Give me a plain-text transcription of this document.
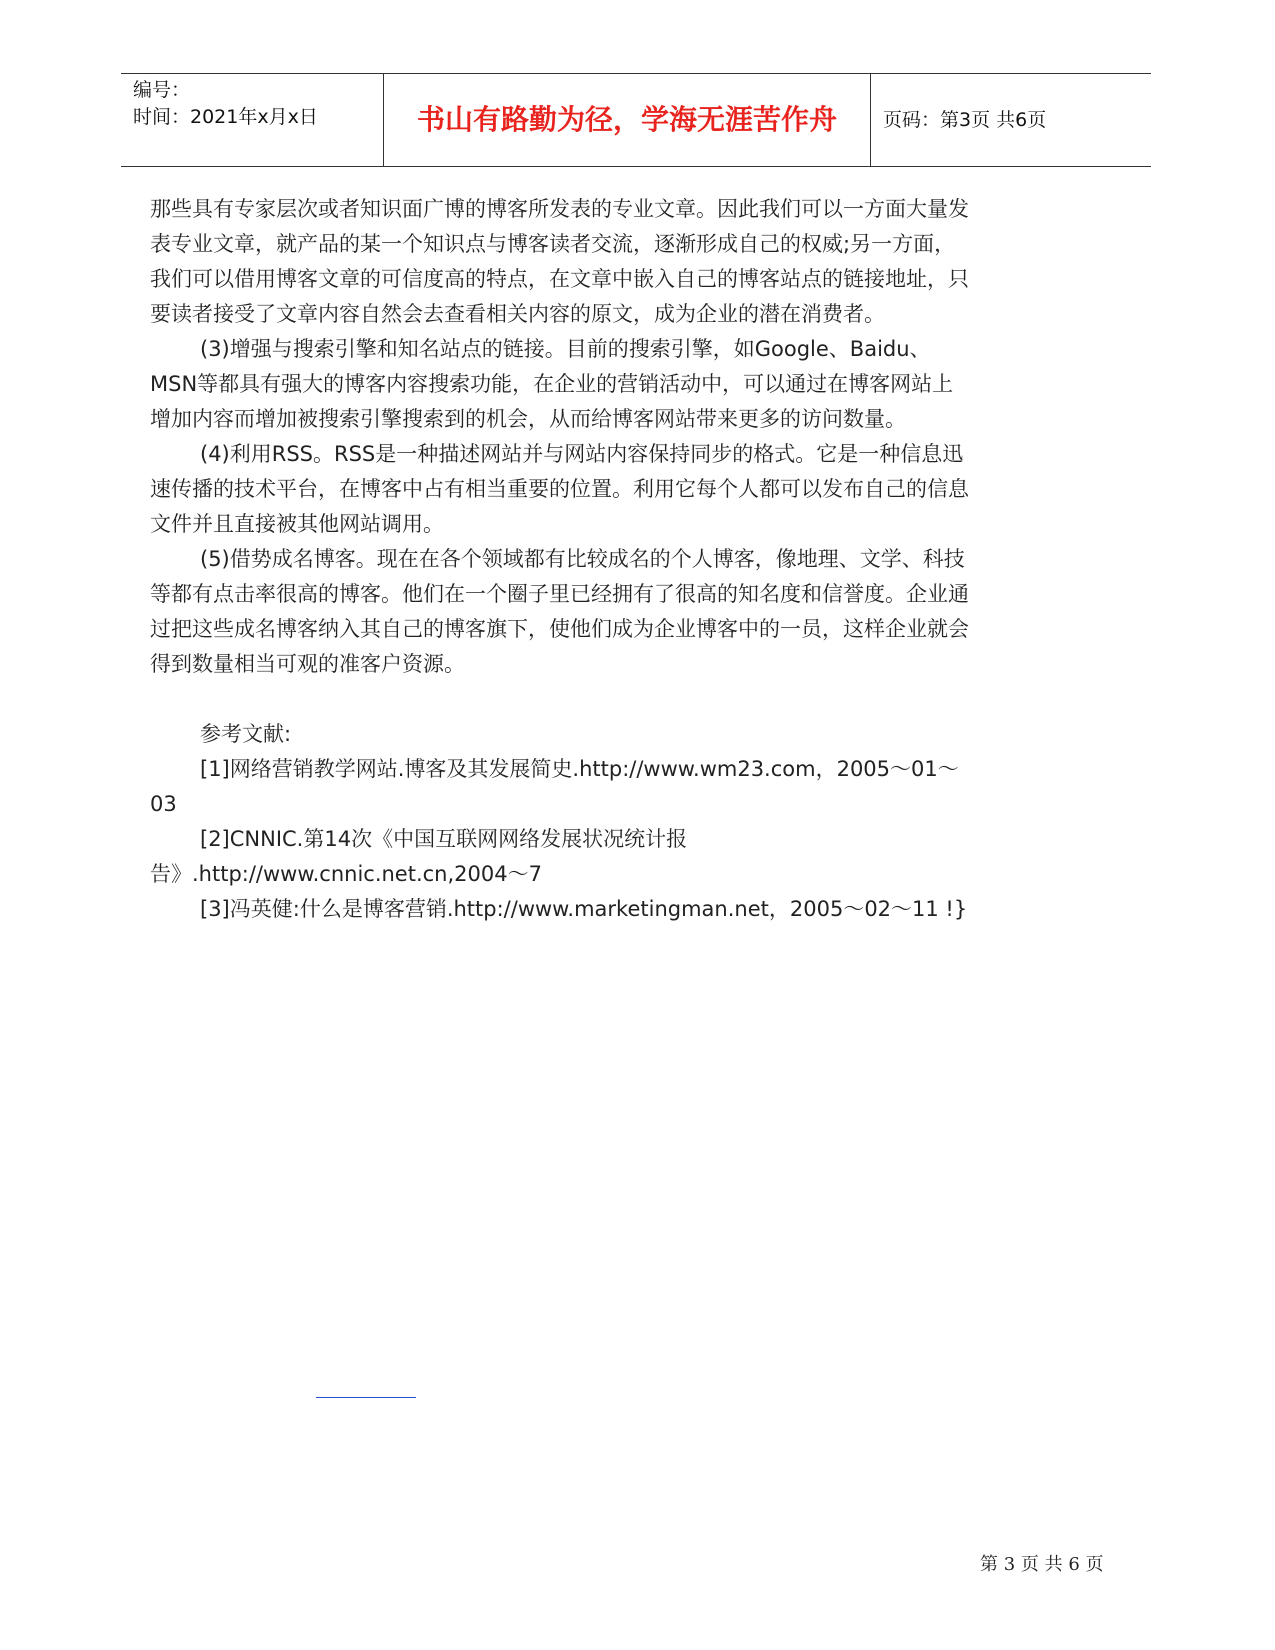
编号：
时间：2021年x月x日	书山有路勤为径，学海无涯苦作舟	页码：第3页 共6页

那些具有专家层次或者知识面广博的博客所发表的专业文章。因此我们可以一方面大量发表专业文章，就产品的某一个知识点与博客读者交流，逐渐形成自己的权威;另一方面，我们可以借用博客文章的可信度高的特点，在文章中嵌入自己的博客站点的链接地址，只要读者接受了文章内容自然会去查看相关内容的原文，成为企业的潜在消费者。

(3)增强与搜索引擎和知名站点的链接。目前的搜索引擎，如Google、Baidu、MSN等都具有强大的博客内容搜索功能，在企业的营销活动中，可以通过在博客网站上增加内容而增加被搜索引擎搜索到的机会，从而给博客网站带来更多的访问数量。

(4)利用RSS。RSS是一种描述网站并与网站内容保持同步的格式。它是一种信息迅速传播的技术平台，在博客中占有相当重要的位置。利用它每个人都可以发布自己的信息文件并且直接被其他网站调用。

(5)借势成名博客。现在在各个领域都有比较成名的个人博客，像地理、文学、科技等都有点击率很高的博客。他们在一个圈子里已经拥有了很高的知名度和信誉度。企业通过把这些成名博客纳入其自己的博客旗下，使他们成为企业博客中的一员，这样企业就会得到数量相当可观的准客户资源。

参考文献:

[1]网络营销教学网站.博客及其发展简史.http://www.wm23.com，2005～01～03

[2]CNNIC.第14次《中国互联网网络发展状况统计报告》.http://www.cnnic.net.cn,2004～7

[3]冯英健:什么是博客营销.http://www.marketingman.net，2005～02～11 !}

第 3 页 共 6 页
